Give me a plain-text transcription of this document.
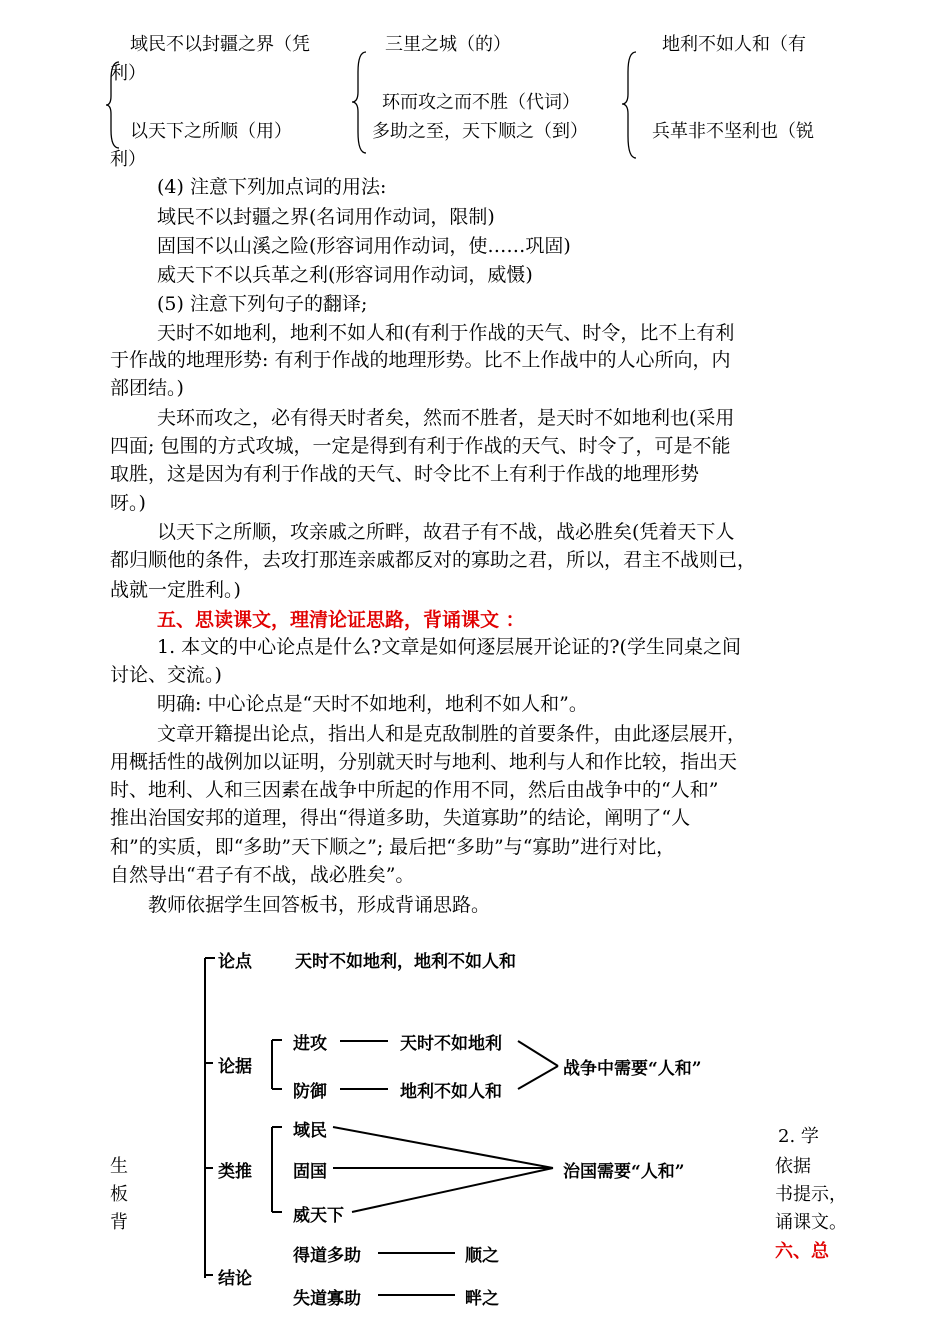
域民不以封疆之界（凭
利）
以天下之所顺（用）
利）
三里之城（的）
环而攻之而不胜（代词）
多助之至，天下顺之（到）
地利不如人和（有
兵革非不坚利也（锐

(4) 注意下列加点词的用法:

域民不以封疆之界(名词用作动词，限制)

固国不以山溪之险(形容词用作动词，使……巩固)

威天下不以兵革之利(形容词用作动词，威慑)

(5) 注意下列句子的翻译;

天时不如地利，地利不如人和(有利于作战的天气、时令，比不上有利

于作战的地理形势: 有利于作战的地理形势。比不上作战中的人心所向，内

部团结。)

夫环而攻之，必有得天时者矣，然而不胜者，是天时不如地利也(采用

四面; 包围的方式攻城，一定是得到有利于作战的天气、时令了，可是不能

取胜，这是因为有利于作战的天气、时令比不上有利于作战的地理形势

呀。)

以天下之所顺，攻亲戚之所畔，故君子有不战，战必胜矣(凭着天下人

都归顺他的条件，去攻打那连亲戚都反对的寡助之君，所以，君主不战则已，

战就一定胜利。)

五、思读课文，理清论证思路，背诵课文 ：

1. 本文的中心论点是什么?文章是如何逐层展开论证的?(学生同桌之间

讨论、交流。)

明确: 中心论点是“天时不如地利，地利不如人和”。

文章开籍提出论点，指出人和是克敌制胜的首要条件，由此逐层展开，

用概括性的战例加以证明，分别就天时与地利、地利与人和作比较，指出天

时、地利、人和三因素在战争中所起的作用不同，然后由战争中的“人和”

推出治国安邦的道理，得出“得道多助，失道寡助”的结论，阐明了“人

和”的实质，即“多助”天下顺之”; 最后把“多助”与“寡助”进行对比，

自然导出“君子有不战，战必胜矣”。

教师依据学生回答板书，形成背诵思路。

论点	天时不如地利，地利不如人和
论据
进攻	天时不如地利
防御	地利不如人和
战争中需要“人和”
类推
域民
固国
威天下
治国需要“人和”
结论
得道多助	顺之
失道寡助	畔之
生
板
背
2. 学
依据
书提示，
诵课文。
六、总
